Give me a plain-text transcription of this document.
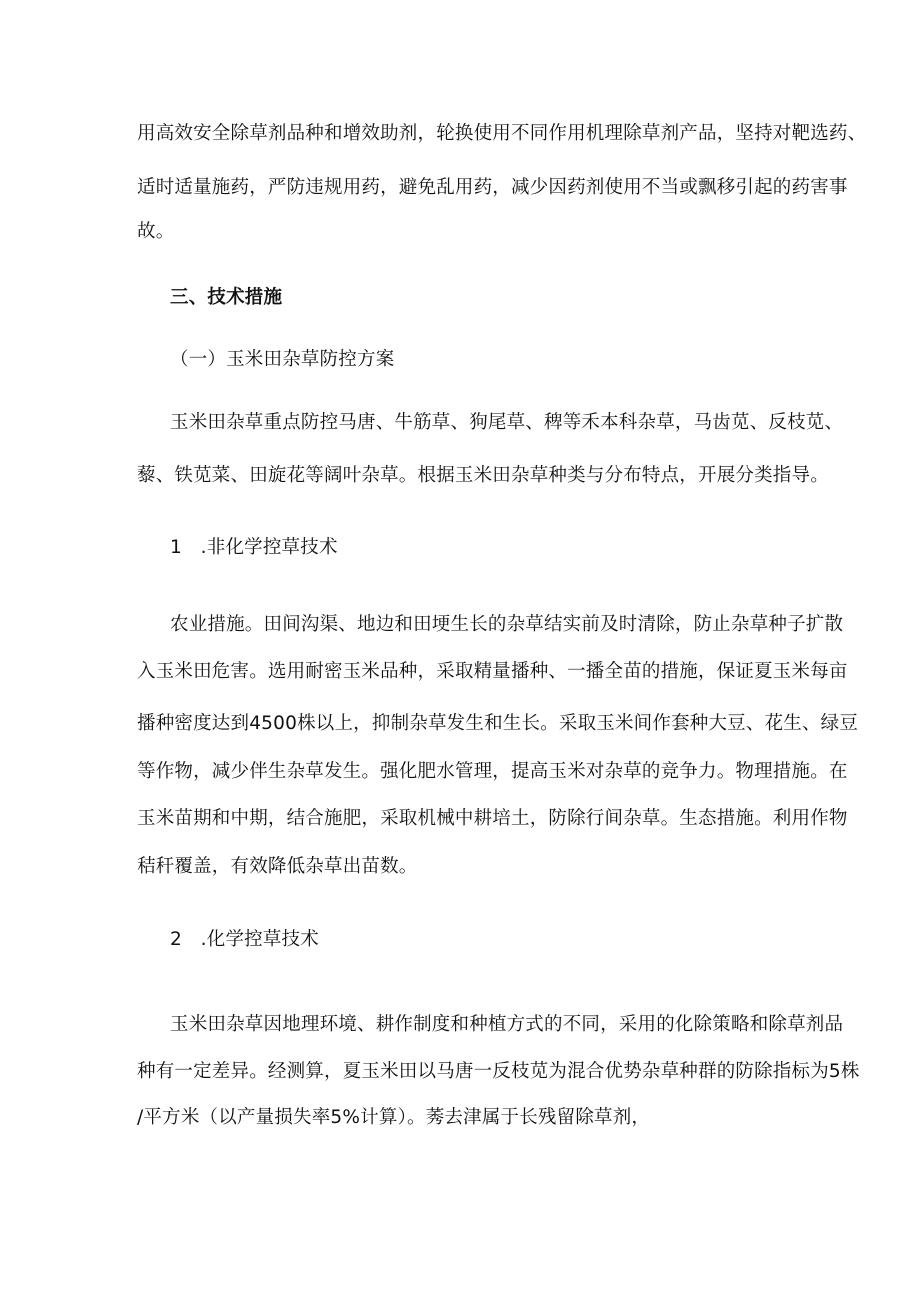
用高效安全除草剂品种和增效助剂，轮换使用不同作用机理除草剂产品，坚持对靶选药、
适时适量施药，严防违规用药，避免乱用药，减少因药剂使用不当或飘移引起的药害事
故。
三、技术措施
（一）玉米田杂草防控方案
玉米田杂草重点防控马唐、牛筋草、狗尾草、稗等禾本科杂草，马齿苋、反枝苋、
藜、铁苋菜、田旋花等阔叶杂草。根据玉米田杂草种类与分布特点，开展分类指导。
1　.非化学控草技术
农业措施。田间沟渠、地边和田埂生长的杂草结实前及时清除，防止杂草种子扩散
入玉米田危害。选用耐密玉米品种，采取精量播种、一播全苗的措施，保证夏玉米每亩
播种密度达到4500株以上，抑制杂草发生和生长。采取玉米间作套种大豆、花生、绿豆
等作物，减少伴生杂草发生。强化肥水管理，提高玉米对杂草的竞争力。物理措施。在
玉米苗期和中期，结合施肥，采取机械中耕培土，防除行间杂草。生态措施。利用作物
秸秆覆盖，有效降低杂草出苗数。
2　.化学控草技术
玉米田杂草因地理环境、耕作制度和种植方式的不同，采用的化除策略和除草剂品
种有一定差异。经测算，夏玉米田以马唐一反枝苋为混合优势杂草种群的防除指标为5株
/平方米（以产量损失率5%计算）。莠去津属于长残留除草剂，
